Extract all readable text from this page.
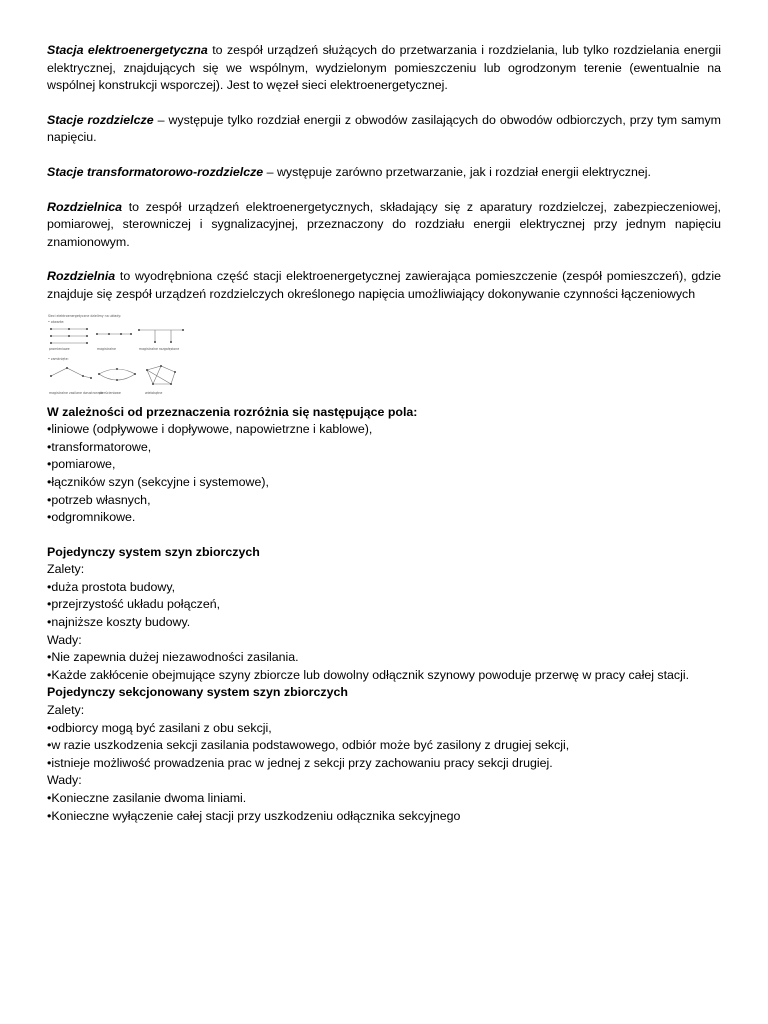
Stacja elektroenergetyczna to zespół urządzeń służących do przetwarzania i rozdzielania, lub tylko rozdzielania energii elektrycznej, znajdujących się we wspólnym, wydzielonym pomieszczeniu lub ogrodzonym terenie (ewentualnie na wspólnej konstrukcji wsporczej). Jest to węzeł sieci elektroenergetycznej.

Stacje rozdzielcze – występuje tylko rozdział energii z obwodów zasilających do obwodów odbiorczych, przy tym samym napięciu.

Stacje transformatorowo-rozdzielcze – występuje zarówno przetwarzanie, jak i rozdział energii elektrycznej.

Rozdzielnica to zespół urządzeń elektroenergetycznych, składający się z aparatury rozdzielczej, zabezpieczeniowej, pomiarowej, sterowniczej i sygnalizacyjnej, przeznaczony do rozdziału energii elektrycznej przy jednym napięciu znamionowym.

Rozdzielnia to wyodrębniona część stacji elektroenergetycznej zawierająca pomieszczenie (zespół pomieszczeń), gdzie znajduje się zespół urządzeń rozdzielczych określonego napięcia umożliwiający dokonywanie czynności łączeniowych

Sieci elektroenergetyczne dzielimy na układy:
• otwarte:
promieniowe	magistralne	magistralne rozgałęzione
• zamknięte:
magistralne zasilane dwustronnie
pierścieniowe	wielokątne

W zależności od przeznaczenia rozróżnia się następujące pola:

•liniowe (odpływowe i dopływowe, napowietrzne i kablowe),

•transformatorowe,

•pomiarowe,

•łączników szyn (sekcyjne i systemowe),

•potrzeb własnych,

•odgromnikowe.

Pojedynczy system szyn zbiorczych

Zalety:

•duża prostota budowy,

•przejrzystość układu połączeń,

•najniższe koszty budowy.

Wady:

•Nie zapewnia dużej niezawodności zasilania.

•Każde zakłócenie obejmujące szyny zbiorcze lub dowolny odłącznik szynowy powoduje przerwę w pracy całej stacji.

Pojedynczy sekcjonowany system szyn zbiorczych

Zalety:

•odbiorcy mogą być zasilani z obu sekcji,

•w razie uszkodzenia sekcji zasilania podstawowego, odbiór może być zasilony z drugiej sekcji,

•istnieje możliwość prowadzenia prac w jednej z sekcji przy zachowaniu pracy sekcji drugiej.

Wady:

•Konieczne zasilanie dwoma liniami.

•Konieczne wyłączenie całej stacji przy uszkodzeniu odłącznika sekcyjnego
